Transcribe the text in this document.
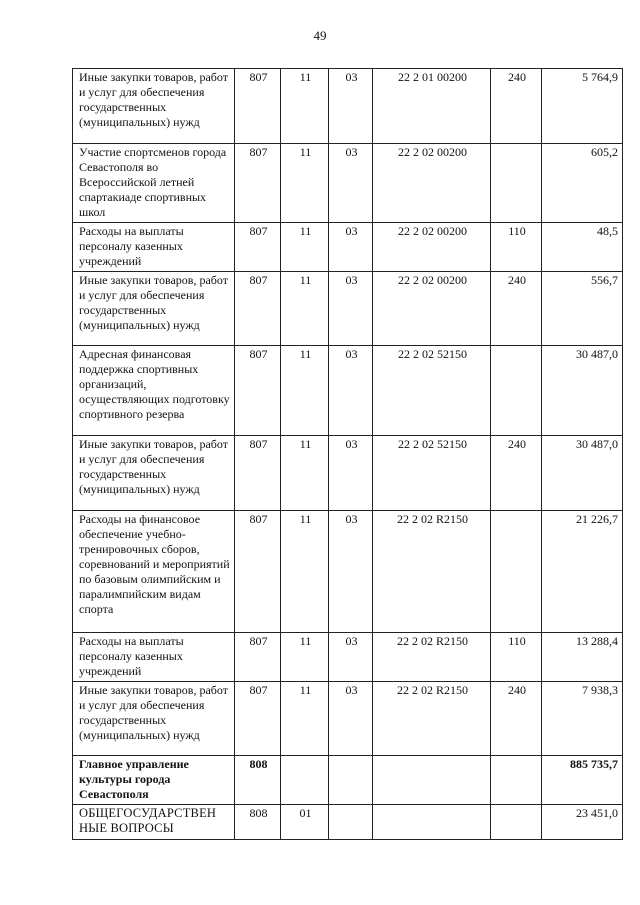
49
Иные закупки товаров, работ и услуг для обеспечения государственных (муниципальных) нужд	807	11	03	22 2 01 00200	240	5 764,9
Участие спортсменов города Севастополя во Всероссийской летней спартакиаде спортивных школ	807	11	03	22 2 02 00200		605,2
Расходы на выплаты персоналу казенных учреждений	807	11	03	22 2 02 00200	110	48,5
Иные закупки товаров, работ и услуг для обеспечения государственных (муниципальных) нужд	807	11	03	22 2 02 00200	240	556,7
Адресная финансовая поддержка спортивных организаций, осуществляющих подготовку спортивного резерва	807	11	03	22 2 02 52150		30 487,0
Иные закупки товаров, работ и услуг для обеспечения государственных (муниципальных) нужд	807	11	03	22 2 02 52150	240	30 487,0
Расходы на финансовое обеспечение учебно-тренировочных сборов, соревнований и мероприятий по базовым олимпийским и паралимпийским видам спорта	807	11	03	22 2 02 R2150		21 226,7
Расходы на выплаты персоналу казенных учреждений	807	11	03	22 2 02 R2150	110	13 288,4
Иные закупки товаров, работ и услуг для обеспечения государственных (муниципальных) нужд	807	11	03	22 2 02 R2150	240	7 938,3
Главное управление культуры города Севастополя	808					885 735,7
ОБЩЕГОСУДАРСТВЕН НЫЕ ВОПРОСЫ	808	01				23 451,0
